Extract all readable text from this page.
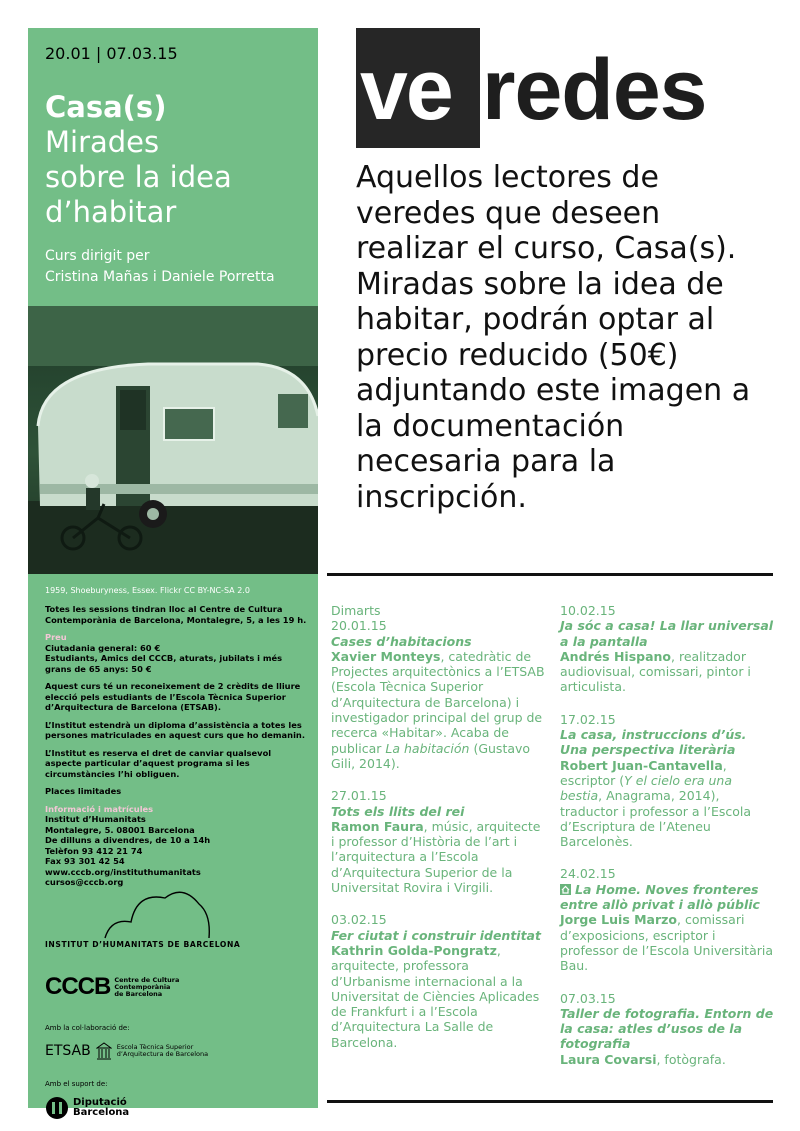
20.01 | 07.03.15
Casa(s)
Mirades
sobre la idea
d’habitar
Curs dirigit per
Cristina Mañas i Daniele Porretta
1959, Shoeburyness, Essex. Flickr CC BY-NC-SA 2.0

Totes les sessions tindran lloc al Centre de Cultura Contemporània de Barcelona, Montalegre, 5, a les 19 h.

Preu
Ciutadania general: 60 €
Estudiants, Amics del CCCB, aturats, jubilats i més grans de 65 anys: 50 €

Aquest curs té un reconeixement de 2 crèdits de lliure elecció pels estudiants de l’Escola Tècnica Superior d’Arquitectura de Barcelona (ETSAB).

L’Institut estendrà un diploma d’assistència a totes les persones matriculades en aquest curs que ho demanin.

L’Institut es reserva el dret de canviar qualsevol aspecte particular d’aquest programa si les circumstàncies l’hi obliguen.

Places limitades

Informació i matrícules
Institut d’Humanitats
Montalegre, 5. 08001 Barcelona
De dilluns a divendres, de 10 a 14h
Telèfon 93 412 21 74
Fax 93 301 42 54
www.cccb.org/instituthumanitats
cursos@cccb.org

INSTITUT D’HUMANITATS DE BARCELONA
CCCB Centre de Cultura
Contemporània
de Barcelona
Amb la col·laboració de:
ETSAB	Escola Tècnica Superior
d’Arquitectura de Barcelona
Amb el suport de:
Diputació
Barcelona
ve redes
Aquellos lectores de veredes que deseen realizar el curso, Casa(s). Miradas sobre la idea de habitar, podrán optar al precio reducido (50€) adjuntando este imagen a la documentación necesaria para la inscripción.
Dimarts
20.01.15
Cases d’habitacions
Xavier Monteys, catedràtic de Projectes arquitectònics a l’ETSAB (Escola Tècnica Superior d’Arquitectura de Barcelona) i investigador principal del grup de recerca «Habitar». Acaba de publicar La habitación (Gustavo Gili, 2014).
27.01.15
Tots els llits del rei
Ramon Faura, músic, arquitecte i professor d’Història de l’art i l’arquitectura a l’Escola d’Arquitectura Superior de la Universitat Rovira i Virgili.
03.02.15
Fer ciutat i construir identitat
Kathrin Golda-Pongratz, arquitecte, professora d’Urbanisme internacional a la Universitat de Ciències Aplicades de Frankfurt i a l’Escola d’Arquitectura La Salle de Barcelona.
10.02.15
Ja sóc a casa! La llar universal a la pantalla
Andrés Hispano, realitzador audiovisual, comissari, pintor i articulista.
17.02.15
La casa, instruccions d’ús. Una perspectiva literària
Robert Juan-Cantavella, escriptor (Y el cielo era una bestia, Anagrama, 2014), traductor i professor a l’Escola d’Escriptura de l’Ateneu Barcelonès.
24.02.15
La Home. Noves fronteres entre allò privat i allò públic
Jorge Luis Marzo, comissari d’exposicions, escriptor i professor de l’Escola Universitària Bau.
07.03.15
Taller de fotografia. Entorn de la casa: atles d’usos de la fotografia
Laura Covarsi, fotògrafa.
